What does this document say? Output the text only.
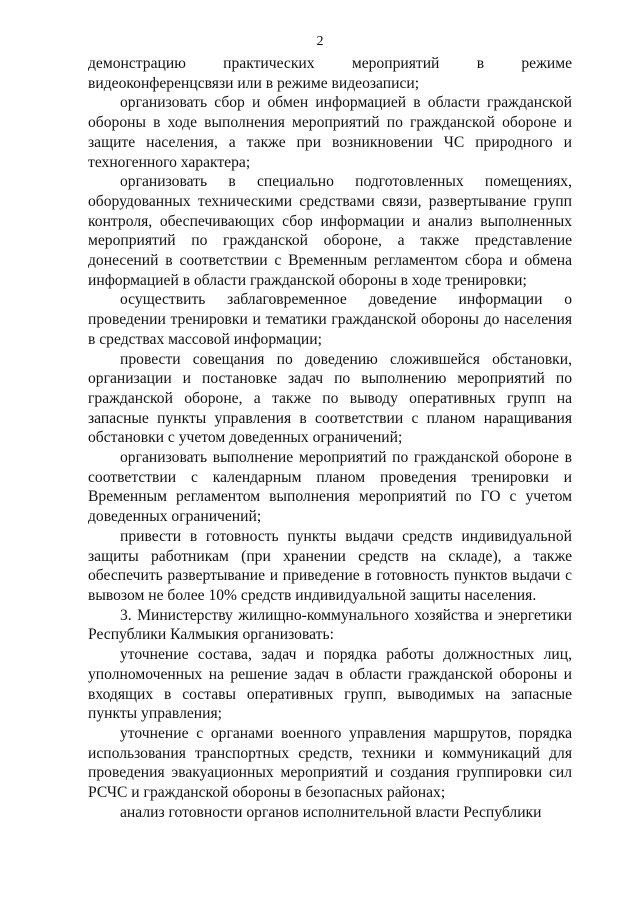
2

демонстрацию практических мероприятий в режиме видеоконференцсвязи или в режиме видеозаписи;

организовать сбор и обмен информацией в области гражданской обороны в ходе выполнения мероприятий по гражданской обороне и защите населения, а также при возникновении ЧС природного и техногенного характера;

организовать в специально подготовленных помещениях, оборудованных техническими средствами связи, развертывание групп контроля, обеспечивающих сбор информации и анализ выполненных мероприятий по гражданской обороне, а также представление донесений в соответствии с Временным регламентом сбора и обмена информацией в области гражданской обороны в ходе тренировки;

осуществить заблаговременное доведение информации о проведении тренировки и тематики гражданской обороны до населения в средствах массовой информации;

провести совещания по доведению сложившейся обстановки, организации и постановке задач по выполнению мероприятий по гражданской обороне, а также по выводу оперативных групп на запасные пункты управления в соответствии с планом наращивания обстановки с учетом доведенных ограничений;

организовать выполнение мероприятий по гражданской обороне в соответствии с календарным планом проведения тренировки и Временным регламентом выполнения мероприятий по ГО с учетом доведенных ограничений;

привести в готовность пункты выдачи средств индивидуальной защиты работникам (при хранении средств на складе), а также обеспечить развертывание и приведение в готовность пунктов выдачи с вывозом не более 10% средств индивидуальной защиты населения.

3. Министерству жилищно-коммунального хозяйства и энергетики Республики Калмыкия организовать:

уточнение состава, задач и порядка работы должностных лиц, уполномоченных на решение задач в области гражданской обороны и входящих в составы оперативных групп, выводимых на запасные пункты управления;

уточнение с органами военного управления маршрутов, порядка использования транспортных средств, техники и коммуникаций для проведения эвакуационных мероприятий и создания группировки сил РСЧС и гражданской обороны в безопасных районах;

анализ готовности органов исполнительной власти Республики
